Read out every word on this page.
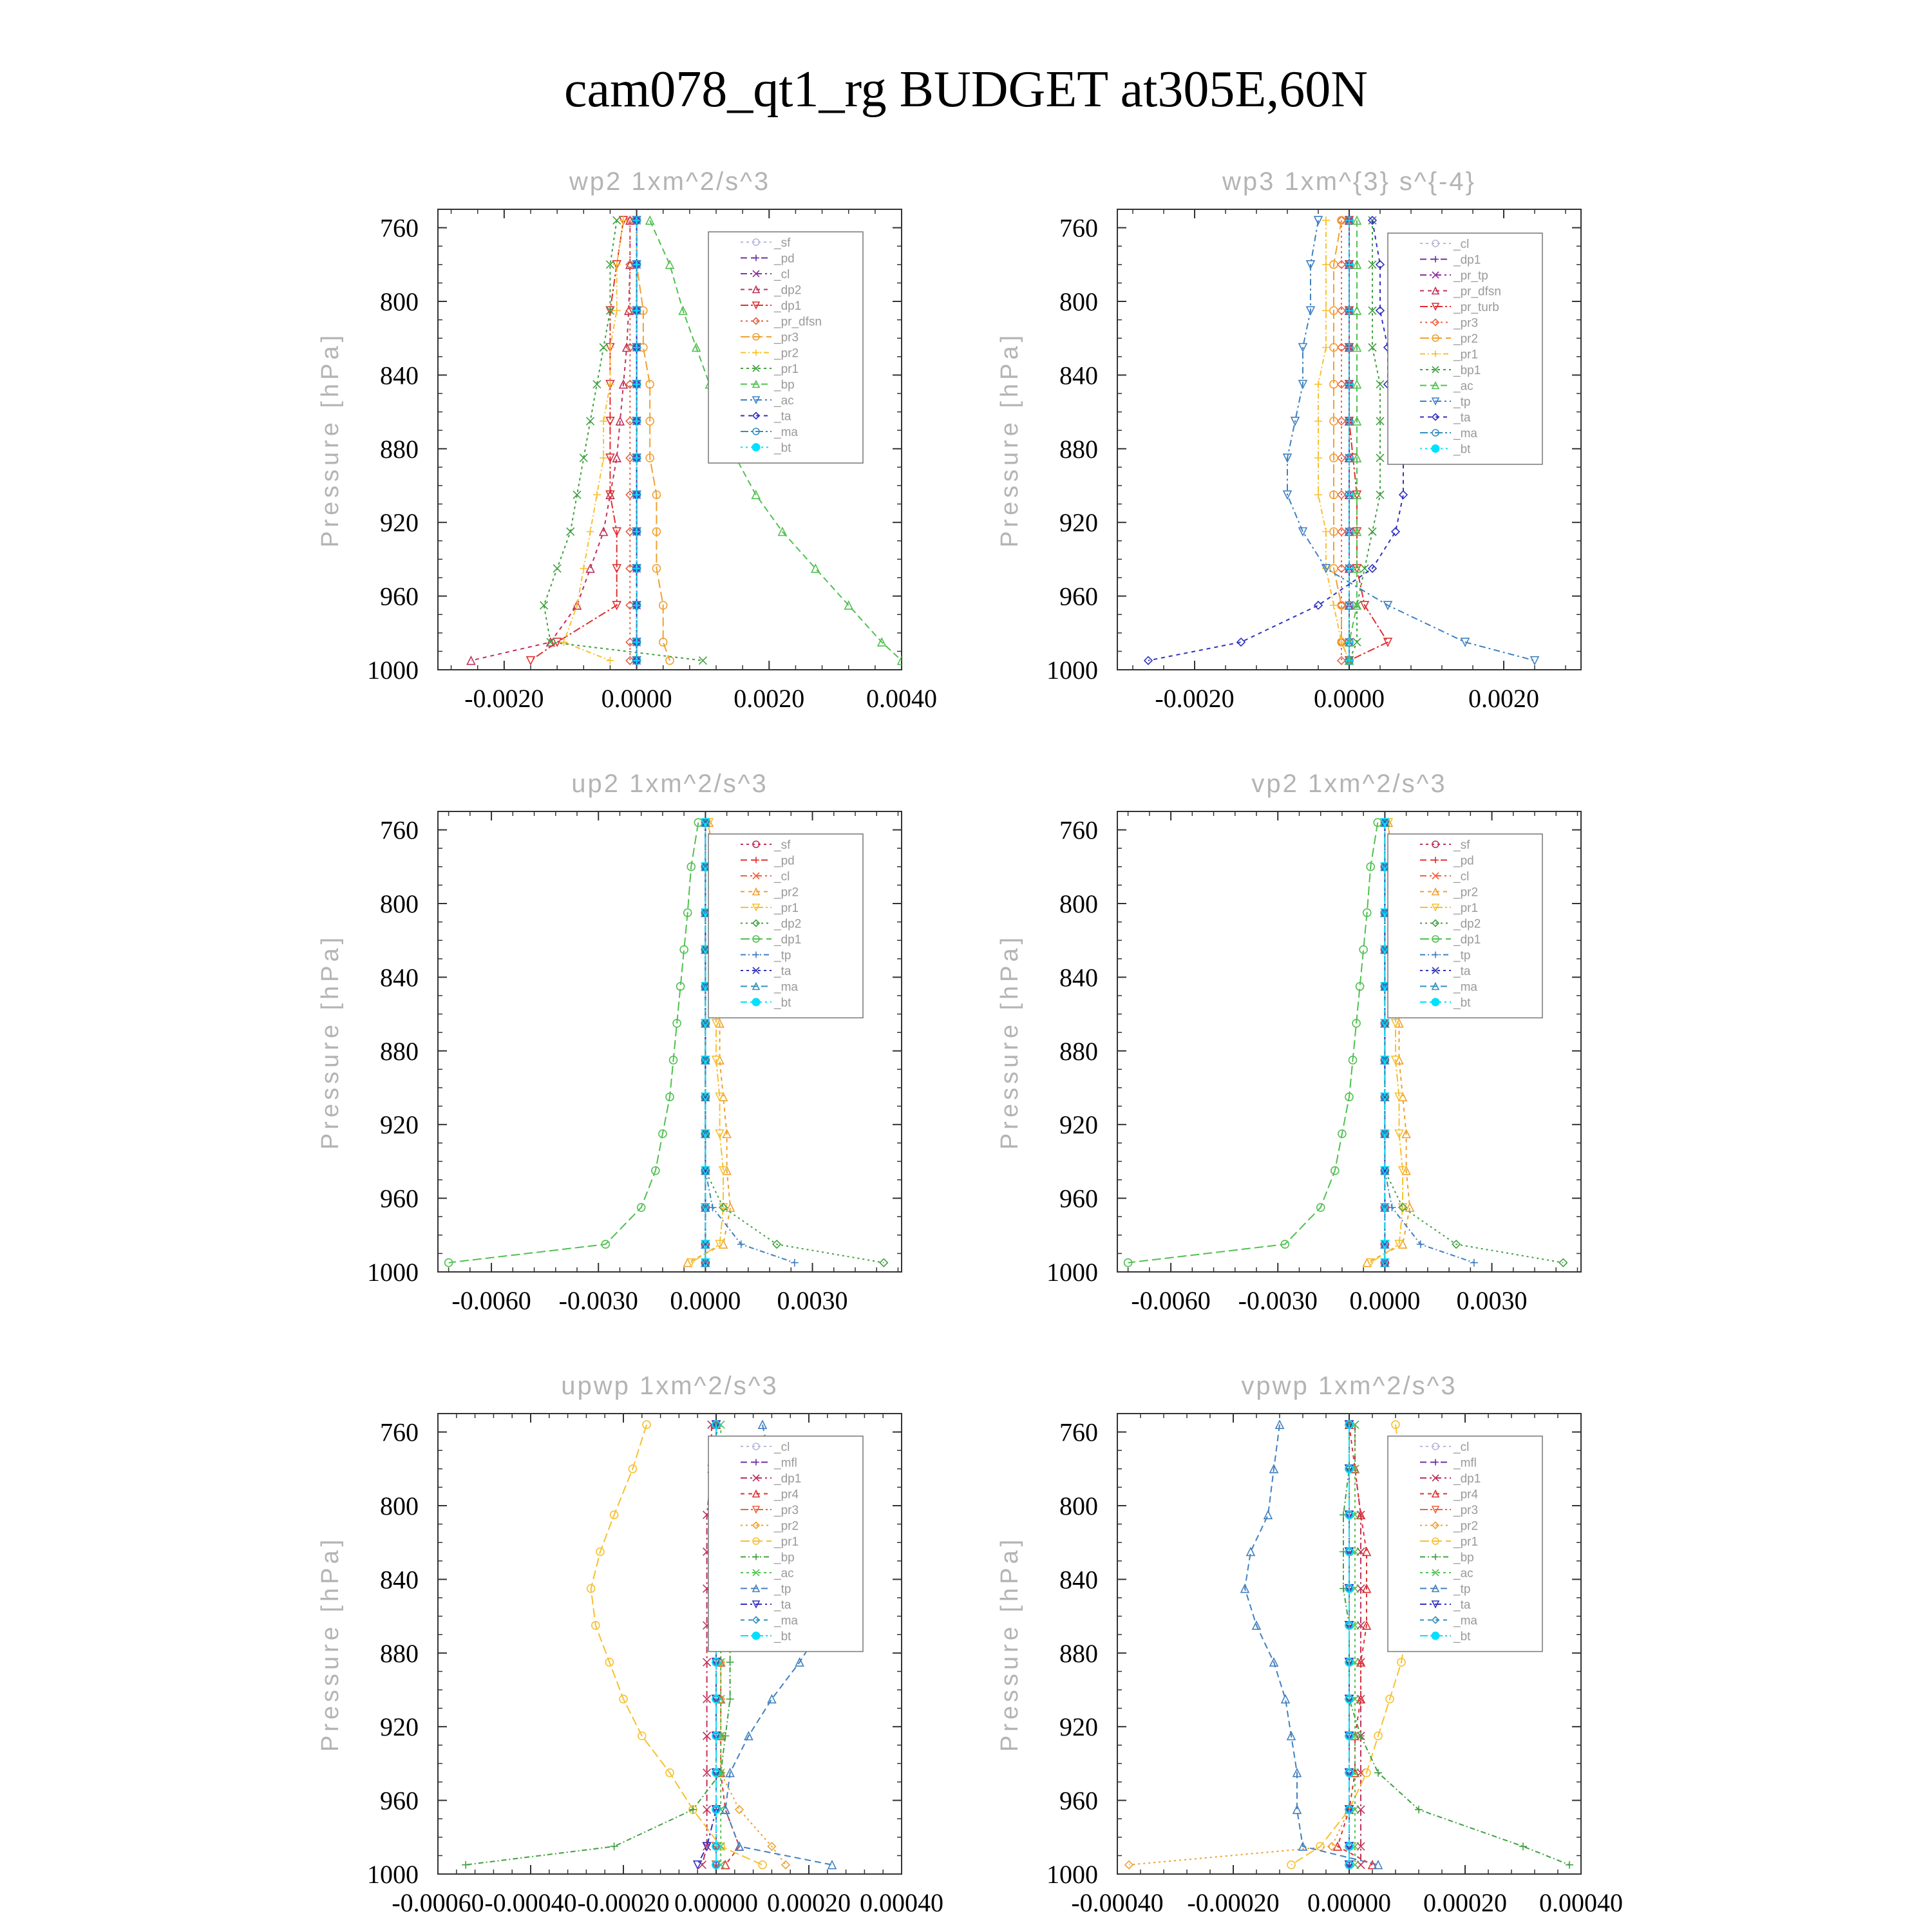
cam078_qt1_rg BUDGET at305E,60N
wp2 1xm^2/s^3
Pressure [hPa]
760
800
840
880
920
960
1000
-0.0020 0.0000 0.0020 0.0040
_sf
_pd
_cl
_dp2
_dp1
_pr_dfsn
_pr3
_pr2
_pr1
_bp
_ac
_ta
_ma
_bt
wp3 1xm^{3} s^{-4}
Pressure [hPa]
760
800
840
880
920
960
1000
-0.0020	0.0000	0.0020
_cl
_dp1
_pr_tp
_pr_dfsn
_pr_turb
_pr3
_pr2
_pr1
_bp1
_ac
_tp
_ta
_ma
_bt
up2 1xm^2/s^3
Pressure [hPa]
760
800
840
880
920
960
1000
-0.0060 -0.0030 0.0000 0.0030
_sf
_pd
_cl
_pr2
_pr1
_dp2
_dp1
_tp
_ta
_ma
_bt
vp2 1xm^2/s^3
Pressure [hPa]
760
800
840
880
920
960
1000
-0.0060 -0.0030 0.0000 0.0030
_sf
_pd
_cl
_pr2
_pr1
_dp2
_dp1
_tp
_ta
_ma
_bt
upwp 1xm^2/s^3
Pressure [hPa]
760
800
840
880
920
960
1000
-0.00060 -0.00040 -0.00020 0.00000 0.00020 0.00040
_cl
_mfl
_dp1
_pr4
_pr3
_pr2
_pr1
_bp
_ac
_tp
_ta
_ma
_bt
vpwp 1xm^2/s^3
Pressure [hPa]
760
800
840
880
920
960
1000
-0.00040 -0.00020 0.00000 0.00020 0.00040
_cl
_mfl
_dp1
_pr4
_pr3
_pr2
_pr1
_bp
_ac
_tp
_ta
_ma
_bt
